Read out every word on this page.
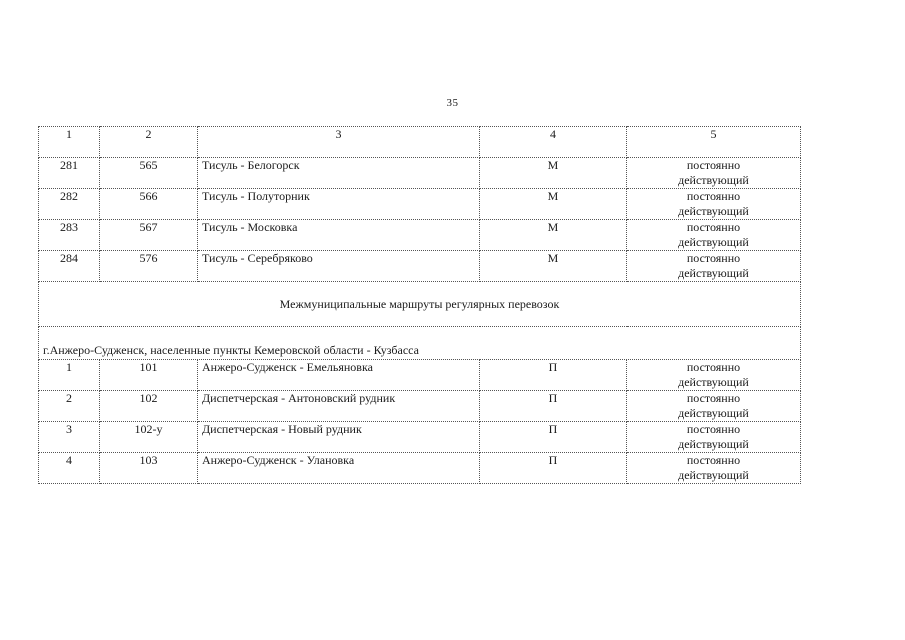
35
1	2	3	4	5
281	565	Тисуль - Белогорск	М	постоянно
действующий

282	566	Тисуль - Полуторник	М	постоянно
действующий

283	567	Тисуль - Московка	М	постоянно
действующий

284	576	Тисуль - Серебряково	М	постоянно
действующий

Межмуниципальные маршруты регулярных перевозок				
г.Анжеро-Судженск, населенные пункты Кемеровской области - Кузбасса				
1	101	Анжеро-Судженск - Емельяновка	П	постоянно
действующий

2	102	Диспетчерская - Антоновский рудник	П	постоянно
действующий

3	102-у	Диспетчерская - Новый рудник	П	постоянно
действующий

4	103	Анжеро-Судженск - Улановка	П	постоянно
действующий
